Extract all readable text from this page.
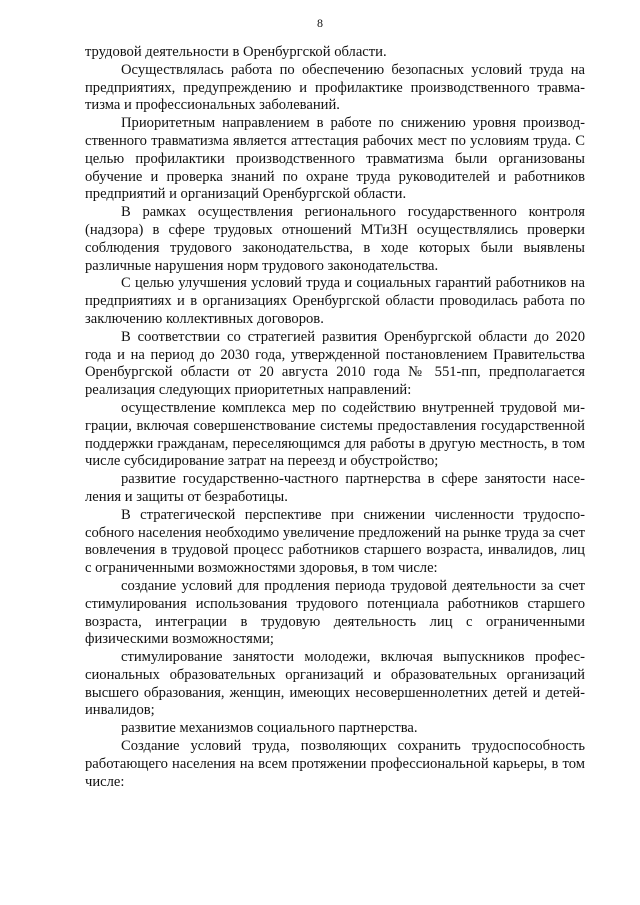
8

трудовой деятельности в Оренбургской области.

Осуществлялась работа по обеспечению безопасных условий труда на предприятиях, предупреждению и профилактике производственного травматизма и профессиональных заболеваний.

Приоритетным направлением в работе по снижению уровня производственного травматизма является аттестация рабочих мест по условиям труда. С целью профилактики производственного травматизма были организованы обучение и проверка знаний по охране труда руководителей и работников предприятий и организаций Оренбургской области.

В рамках осуществления регионального государственного контроля (надзора) в сфере трудовых отношений МТиЗН осуществлялись проверки соблюдения трудового законодательства, в ходе которых были выявлены различные нарушения норм трудового законодательства.

С целью улучшения условий труда и социальных гарантий работников на предприятиях и в организациях Оренбургской области проводилась работа по заключению коллективных договоров.

В соответствии со стратегией развития Оренбургской области до 2020 года и на период до 2030 года, утвержденной постановлением Правительства Оренбургской области от 20 августа 2010 года № 551-пп, предполагается реализация следующих приоритетных направлений:

осуществление комплекса мер по содействию внутренней трудовой миграции, включая совершенствование системы предоставления государственной поддержки гражданам, переселяющимся для работы в другую местность, в том числе субсидирование затрат на переезд и обустройство;

развитие государственно-частного партнерства в сфере занятости населения и защиты от безработицы.

В стратегической перспективе при снижении численности трудоспо-собного населения необходимо увеличение предложений на рынке труда за счет вовлечения в трудовой процесс работников старшего возраста, инвалидов, лиц с ограниченными возможностями здоровья, в том числе:

создание условий для продления периода трудовой деятельности за счет стимулирования использования трудового потенциала работников старшего возраста, интеграции в трудовую деятельность лиц с ограниченными физическими возможностями;

стимулирование занятости молодежи, включая выпускников профессиональных образовательных организаций и образовательных организаций высшего образования, женщин, имеющих несовершеннолетних детей и детей-инвалидов;

развитие механизмов социального партнерства.

Создание условий труда, позволяющих сохранить трудоспособность работающего населения на всем протяжении профессиональной карьеры, в том числе:
